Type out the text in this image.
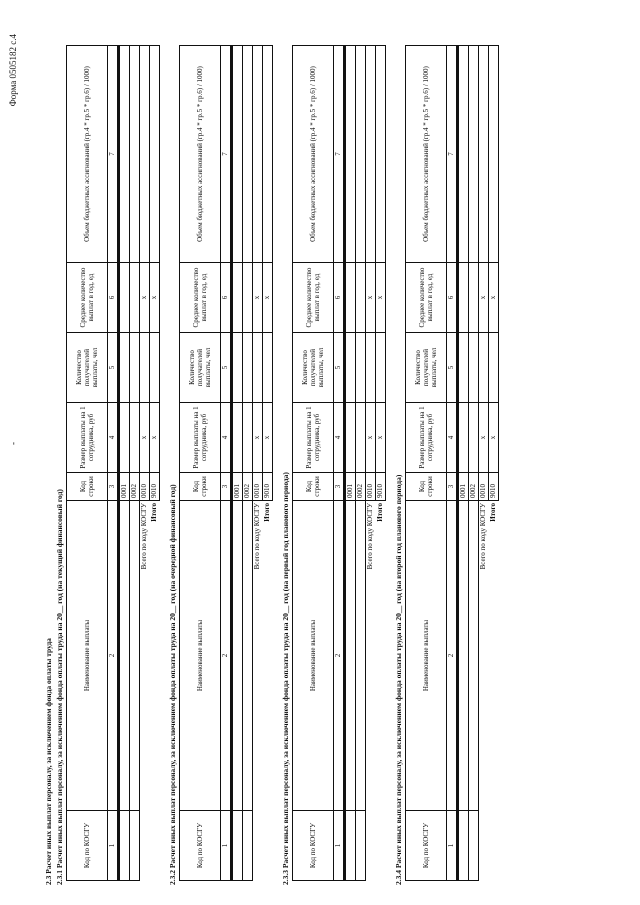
Форма 0505182 с.4
-
2.3 Расчет иных выплат персоналу, за исключением фонда оплаты труда 2.3.1 Расчет иных выплат персоналу, за исключением фонда оплаты труда на 20__ год (на текущий финансовый год)	Код по КОСГУ	Наименование выплаты	Код строки	Размер выплаты на 1 сотрудника, руб	Количество получателей выплаты, чел	Среднее количество выплат в год, ед	Объем бюджетных ассигнований (гр.4 * гр.5 * гр.6) / 1000)
1	2	3	4	5	6	7
		0001				
		0002				
Всего по коду КОСГУ		0010	x		x	
Итого		9010	x		x	
2.3.2 Расчет иных выплат персоналу, за исключением фонда оплаты труда на 20__ год (на очередной финансовый год)	Код по КОСГУ	Наименование выплаты	Код строки	Размер выплаты на 1 сотрудника, руб	Количество получателей выплаты, чел	Среднее количество выплат в год, ед	Объем бюджетных ассигнований (гр.4 * гр.5 * гр.6) / 1000)
1	2	3	4	5	6	7
		0001				
		0002				
Всего по коду КОСГУ		0010	x		x	
Итого		9010	x		x	
2.3.3 Расчет иных выплат персоналу, за исключением фонда оплаты труда на 20__ год (на первый год планового периода)	Код по КОСГУ	Наименование выплаты	Код строки	Размер выплаты на 1 сотрудника, руб	Количество получателей выплаты, чел	Среднее количество выплат в год, ед	Объем бюджетных ассигнований (гр.4 * гр.5 * гр.6) / 1000)
1	2	3	4	5	6	7
		0001				
		0002				
Всего по коду КОСГУ		0010	x		x	
Итого		9010	x		x	
2.3.4 Расчет иных выплат персоналу, за исключением фонда оплаты труда на 20__ год (на второй год планового периода)	Код по КОСГУ	Наименование выплаты	Код строки	Размер выплаты на 1 сотрудника, руб	Количество получателей выплаты, чел	Среднее количество выплат в год, ед	Объем бюджетных ассигнований (гр.4 * гр.5 * гр.6) / 1000)
1	2	3	4	5	6	7
		0001				
		0002				
Всего по коду КОСГУ		0010	x		x	
Итого		9010	x		x	
